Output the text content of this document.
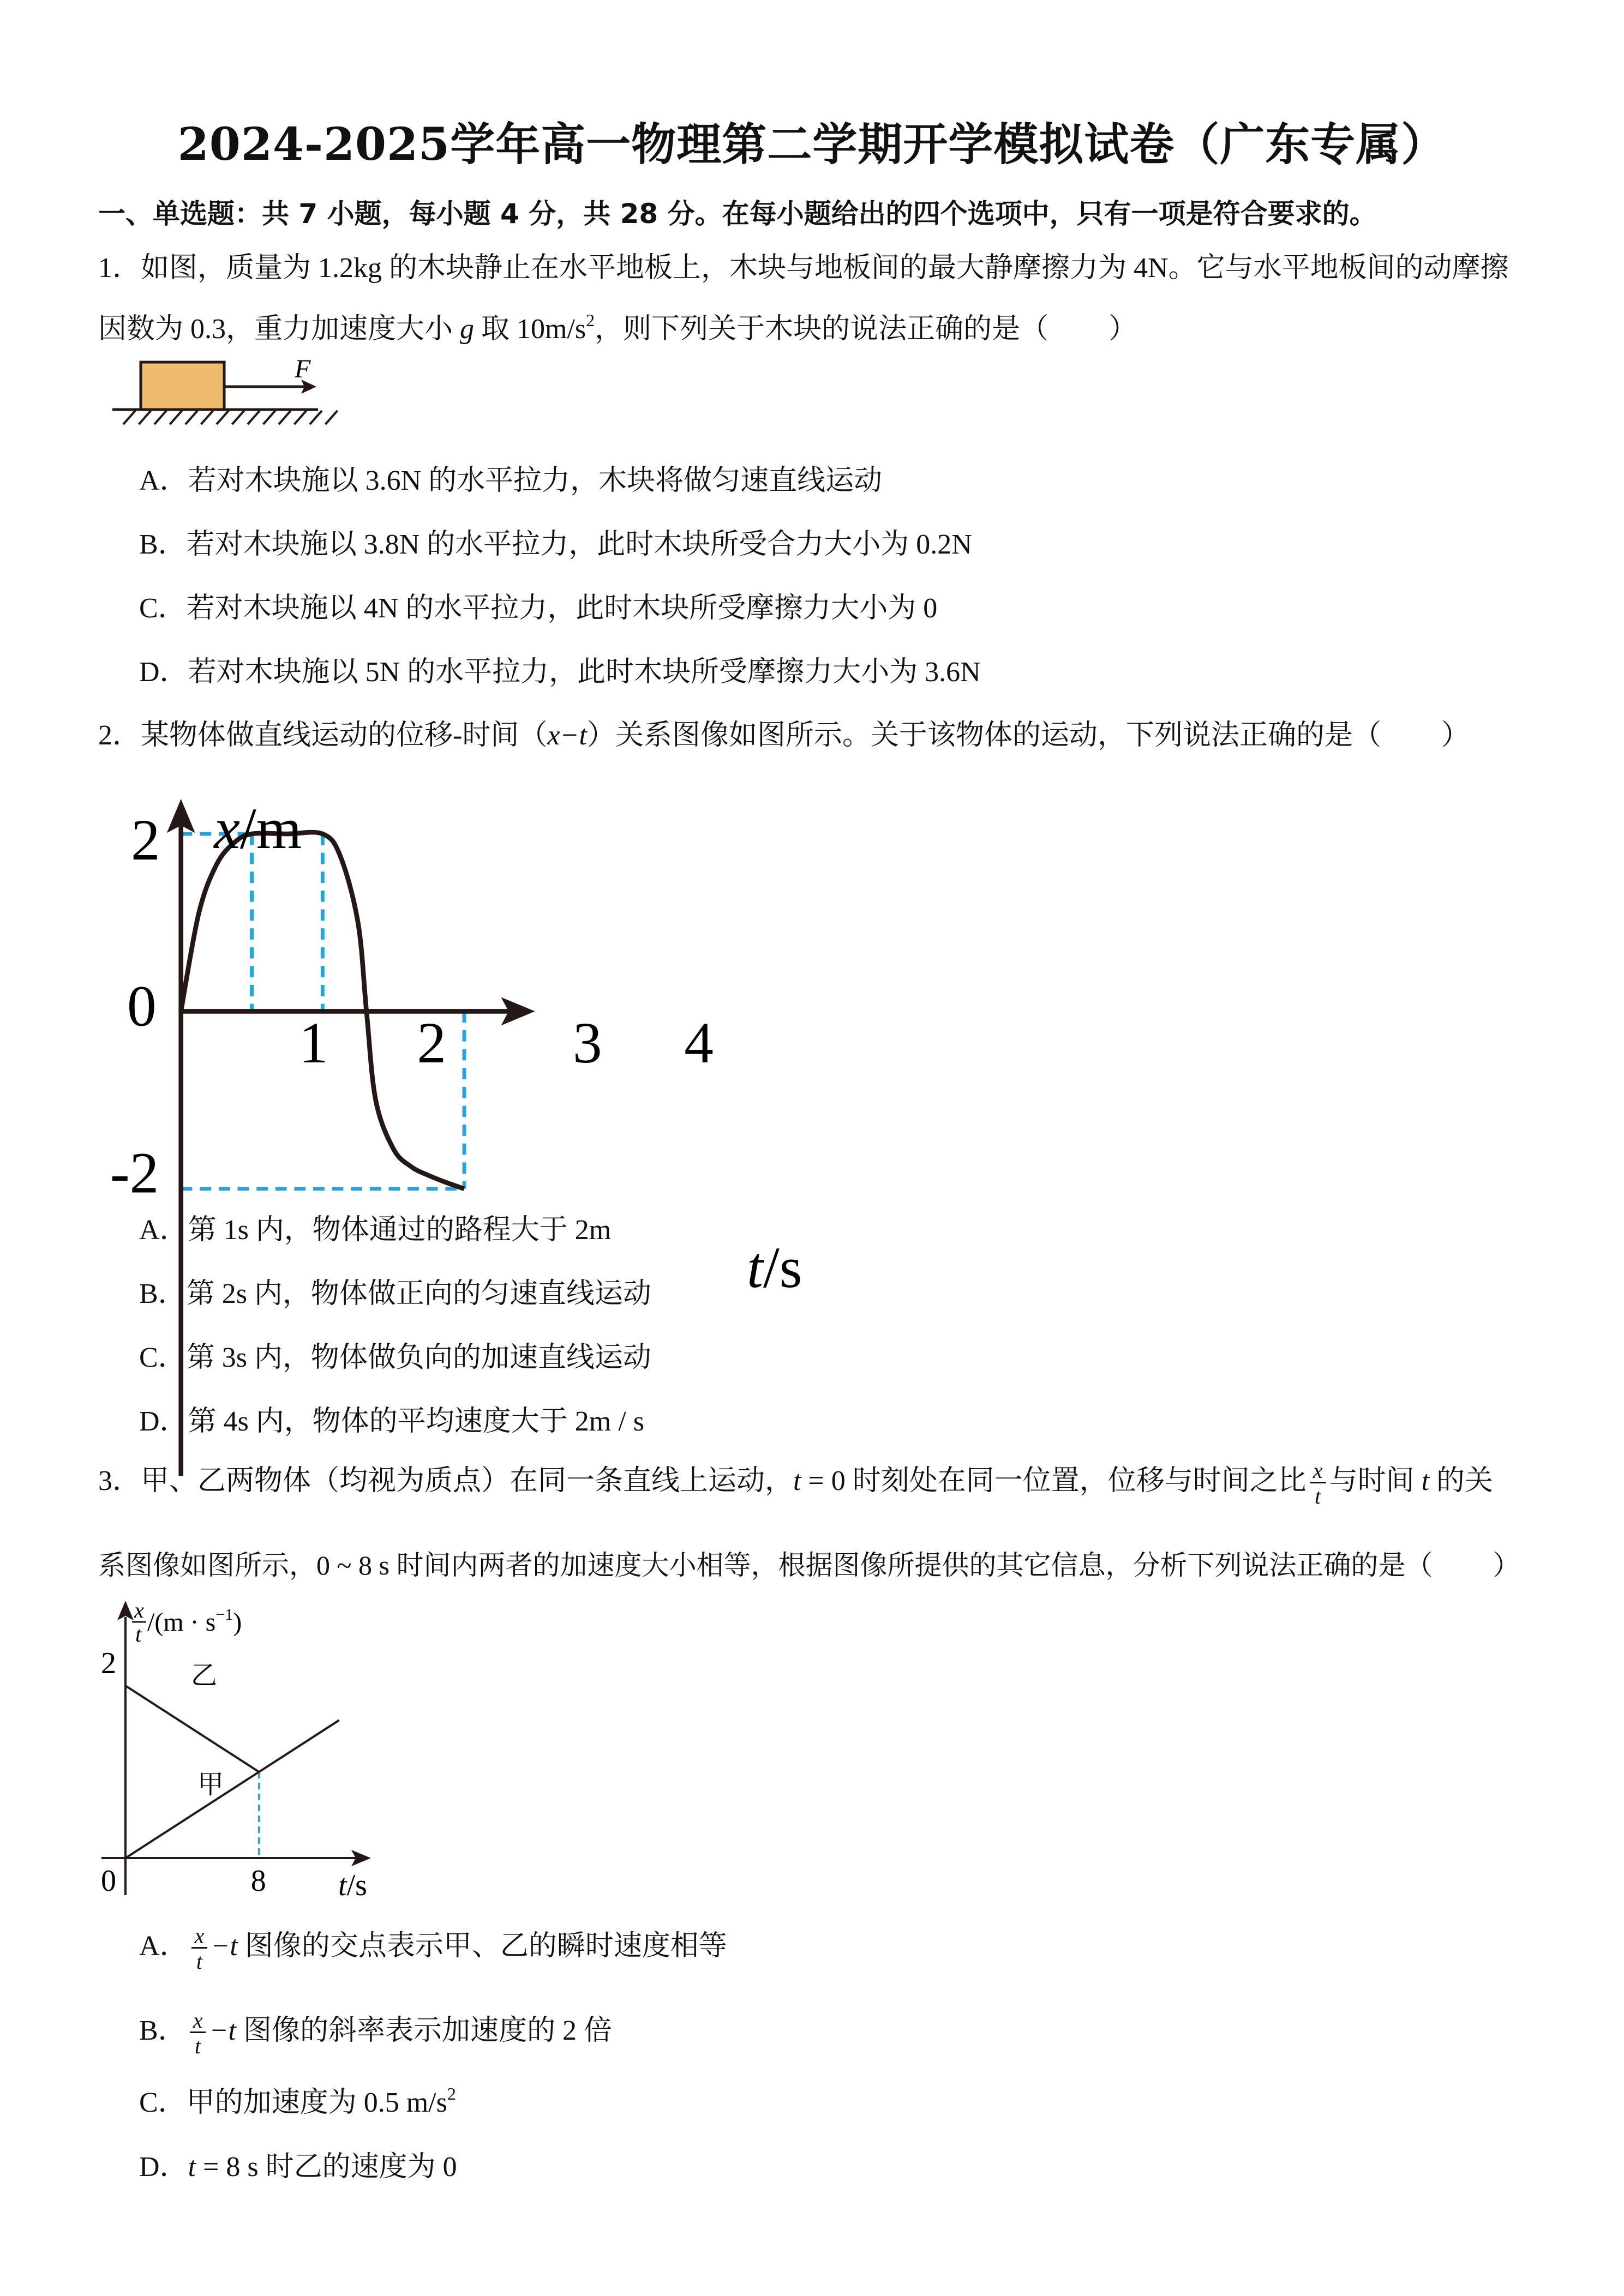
2024-2025学年高一物理第二学期开学模拟试卷（广东专属）
一、单选题：共 7 小题，每小题 4 分，共 28 分。在每小题给出的四个选项中，只有一项是符合要求的。
1．如图，质量为 1.2kg 的木块静止在水平地板上，木块与地板间的最大静摩擦力为 4N。它与水平地板间的动摩擦
因数为 0.3，重力加速度大小 g 取 $10m/s^2$，则下列关于木块的说法正确的是（ ）
F
A．若对木块施以 3.6N 的水平拉力，木块将做匀速直线运动
B．若对木块施以 3.8N 的水平拉力，此时木块所受合力大小为 0.2N
C．若对木块施以 4N 的水平拉力，此时木块所受摩擦力大小为 0
D．若对木块施以 5N 的水平拉力，此时木块所受摩擦力大小为 3.6N
2．某物体做直线运动的位移-时间（x−t）关系图像如图所示。关于该物体的运动，下列说法正确的是（ ）
x/m
t/s
1	2	3 4
2
0
-2
A．第 1s 内，物体通过的路程大于 2m
B．第 2s 内，物体做正向的匀速直线运动
C．第 3s 内，物体做负向的加速直线运动
D．第 4s 内，物体的平均速度大于 2m / s
3．甲、乙两物体（均视为质点）在同一条直线上运动，t = 0 时刻处在同一位置，位移与时间之比 $\frac{x}{t}$ 与时间 t 的关
系图像如图所示，0 ~ 8 s 时间内两者的加速度大小相等，根据图像所提供的其它信息，分析下列说法正确的是（ ）
乙
甲
2
0	8 t/s
x
t $/(m \cdot s^{-1})$
A． $\frac{x}{t} -t$ 图像的交点表示甲、乙的瞬时速度相等
B． $\frac{x}{t} -t$ 图像的斜率表示加速度的 2 倍
C．甲的加速度为 0.5 $m/s^2$
D．t = 8 s 时乙的速度为 0
